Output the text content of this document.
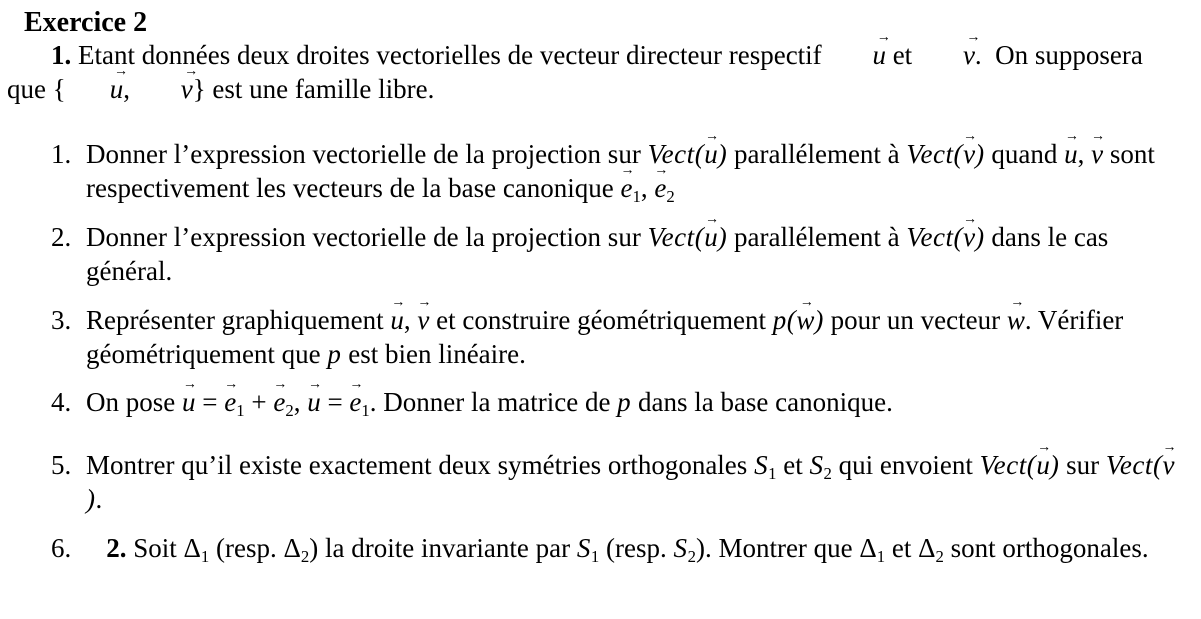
Exercice 2

1. Etant données deux droites vectorielles de vecteur directeur respectif u → et v →.  On supposera que { u →, v →} est une famille libre.

1. Donner l’expression vectorielle de la projection sur Vect(u →) parallélement à Vect(v →) quand u →, v → sont respectivement les vecteurs de la base canonique e →1, e →2
2. Donner l’expression vectorielle de la projection sur Vect(u →) parallélement à Vect(v →) dans le cas général.
3. Représenter graphiquement u →, v → et construire géométriquement p(w →) pour un vecteur w →. Vérifier géométriquement que p est bien linéaire.
4. On pose u → = e →1 + e →2, u → = e →1. Donner la matrice de p dans la base canonique.
5. Montrer qu’il existe exactement deux symétries orthogonales S1 et S2 qui envoient Vect(u →) sur Vect(v →).
6.	2. Soit Δ1 (resp. Δ2) la droite invariante par S1 (resp. S2). Montrer que Δ1 et Δ2 sont orthogonales.
